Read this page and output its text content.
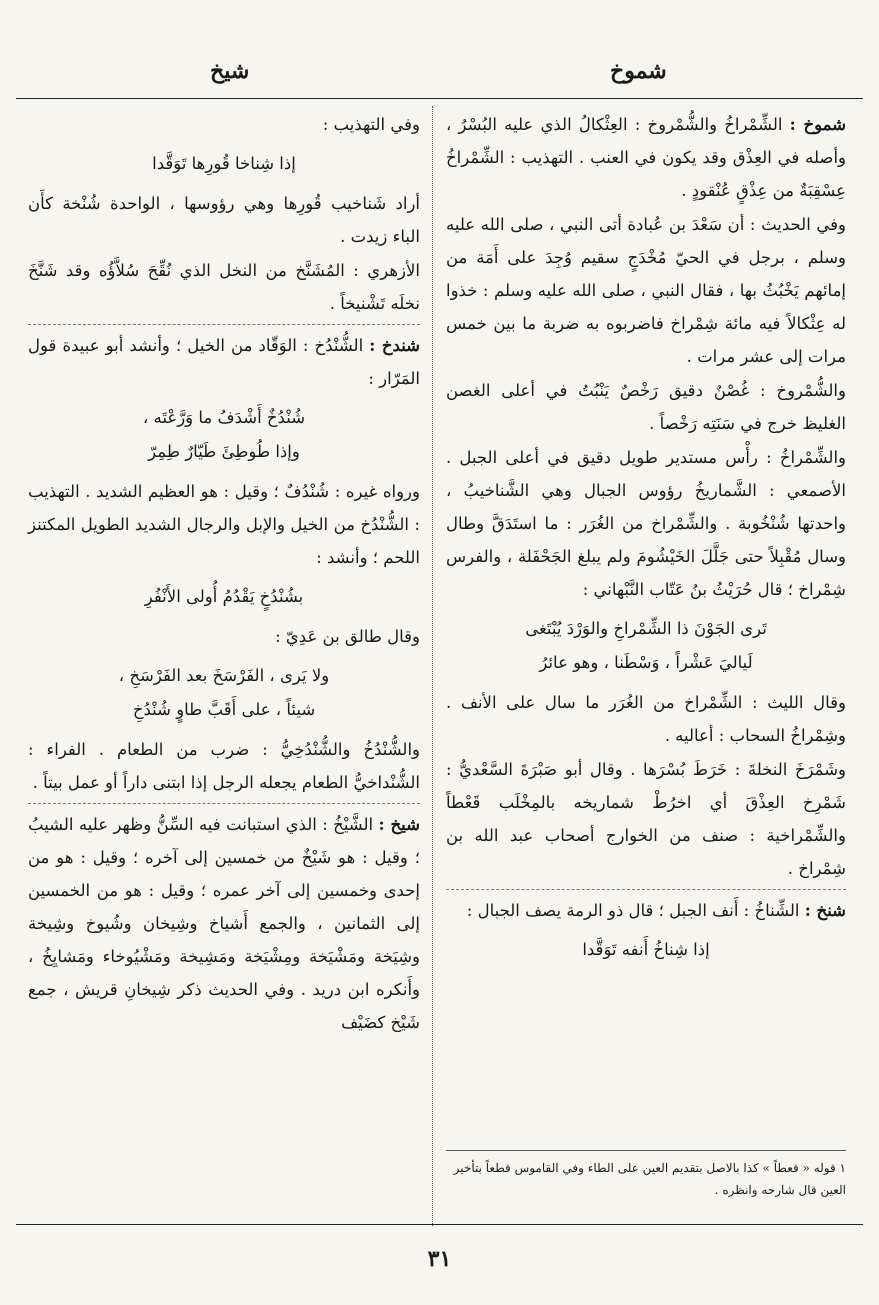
شموخ
شيخ

شموخ : الشِّمْراخُ والشُّمْروخ : العِثْكالُ الذي عليه البُسْرُ ، وأصله في العِذْق وقد يكون في العنب . التهذيب : الشِّمْراخُ عِسْقِبَةٌ من عِذْقٍ عُنْقودٍ .

وفي الحديث : أن سَعْدَ بن عُبادة أتى النبي ، صلى الله عليه وسلم ، برجل في الحيّ مُخْدَجٍ سقيم وُجِدَ على أَمَة من إمائهم يَخْبُثُ بها ، فقال النبي ، صلى الله عليه وسلم : خذوا له عِثْكالاً فيه مائة شِمْراخ فاضربوه به ضربة ما بين خمس مرات إلى عشر مرات .

والشُّمْروخ : غُصْنٌ دقيق رَخْصٌ يَنْبُتُ في أعلى الغصن الغليظ خرج في سَنَتِه رَخْصاً .

والشِّمْراخُ : رأْس مستدير طويل دقيق في أعلى الجبل . الأصمعي : الشَّماريخُ رؤوس الجبال وهي الشَّناخيبُ ، واحدتها شُنْخُوبة . والشِّمْراخ من الغُرَر : ما استَدَقَّ وطال وسال مُقْبِلاً حتى جَلَّلَ الخَيْشُومَ ولم يبلغ الجَحْفَلة ، والفرس شِمْراخ ؛ قال حُرَيْثُ بنُ عَتّاب النَّبْهاني :

تَرى الجَوْنَ ذا الشِّمْراخِ والوَرْدَ يُبْتَغى
لَياليَ عَشْراً ، وَسْطَنا ، وهو عائرُ

وقال الليث : الشِّمْراخ من الغُرَر ما سال على الأنف . وشِمْراخُ السحاب : أعاليه .

وشَمْرَخَ النخلةَ : خَرَطَ بُسْرَها . وقال أبو صَبْرَةَ السَّعْديُّ : شَمْرِخ العِذْقَ أي اخرُطْ شماريخه بالمِخْلَب قَعْطاً والشِّمْراخية : صنف من الخوارج أصحاب عبد الله بن شِمْراخ .

شنخ : الشِّناخُ : أَنف الجبل ؛ قال ذو الرمة يصف الجبال :

إذا شِناخُ أَنفه تَوَقَّدا
١ قوله « قعطاً » كذا بالاصل بتقديم العين على الطاء وفي القاموس قطعاً بتأخير العين قال شارحه وانظره .

وفي التهذيب :

إذا شِناخا قُورِها تَوَقَّدا

أراد شَناخيب قُورِها وهي رؤوسها ، الواحدة شُنْخة كأَن الباء زيدت .

الأزهري : المُشَنَّخ من النخل الذي نُقِّحَ سُلاَّؤُه وقد شَنَّخَ نخلَه تَشْنيخاً .

شندخ : الشُّنْدُخ : الوَقّاد من الخيل ؛ وأنشد أبو عبيدة قول المَرّار :

شُنْدُخٌ أَشْدَفُ ما وَرَّعْتَه ،
وإذا طُوطِئَ طَيّارٌ طِمِرّ

ورواه غيره : شُنْدُفٌ ؛ وقيل : هو العظيم الشديد . التهذيب : الشُّنْدُخ من الخيل والإبل والرجال الشديد الطويل المكتنز اللحم ؛ وأنشد :

بشُنْدُخٍ يَقْدُمُ أُولى الأَنْفُرِ

وقال طالق بن عَدِيّ :

ولا يَرى ، الفَرْسَخَ بعد الفَرْسَخِ ،
شيئاً ، على أَقَبَّ طاوٍ شُنْدُخِ

والشُّنْدُخُ والشُّنْدُخِيُّ : ضرب من الطعام . الفراء : الشُّنْداخيُّ الطعام يجعله الرجل إذا ابتنى داراً أو عمل بيتاً .

شيخ : الشَّيْخُ : الذي استبانت فيه السِّنُّ وظهر عليه الشيبُ ؛ وقيل : هو شَيْخٌ من خمسين إلى آخره ؛ وقيل : هو من إحدى وخمسين إلى آخر عمره ؛ وقيل : هو من الخمسين إلى الثمانين ، والجمع أَشياخ وشِيخان وشُيوخ وشِيخة وشِيَخة ومَشْيَخة ومِشْيَخة ومَشِيخة ومَشْيُوخاء ومَشايِخُ ، وأَنكره ابن دريد . وفي الحديث ذكر شِيخانِ قريش ، جمع شَيْخ كضَيْف

٣١
